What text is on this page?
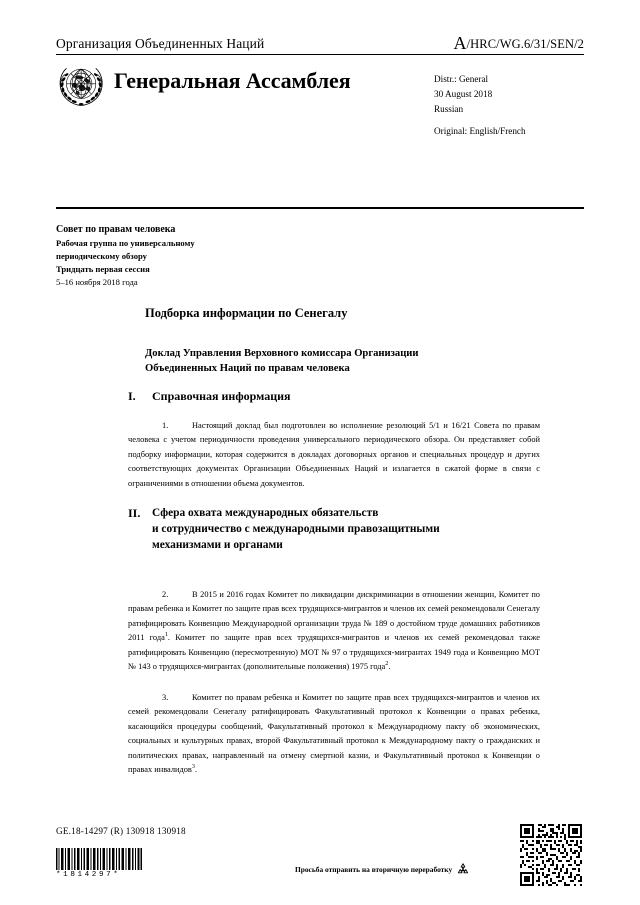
Организация Объединенных Наций	A/HRC/WG.6/31/SEN/2
Генеральная Ассамблея	Distr.: General
30 August 2018
Russian
Original: English/French
Совет по правам человека
Рабочая группа по универсальному
периодическому обзору
Тридцать первая сессия
5–16 ноября 2018 года
Подборка информации по Сенегалу
Доклад Управления Верховного комиссара Организации
Объединенных Наций по правам человека
I.	Справочная информация
1.	Настоящий доклад был подготовлен во исполнение резолюций 5/1 и 16/21 Совета по правам человека с учетом периодичности проведения универсального периодического обзора. Он представляет собой подборку информации, которая содержится в докладах договорных органов и специальных процедур и других соответствующих документах Организации Объединенных Наций и излагается в сжатой форме в связи с ограничениями в отношении объема документов.
II.	Сфера охвата международных обязательств
и сотрудничество с международными правозащитными
механизмами и органами
2.	В 2015 и 2016 годах Комитет по ликвидации дискриминации в отношении женщин, Комитет по правам ребенка и Комитет по защите прав всех трудящихся-мигрантов и членов их семей рекомендовали Сенегалу ратифицировать Конвенцию Международной организации труда № 189 о достойном труде домашних работников 2011 года$^1$. Комитет по защите прав всех трудящихся-мигрантов и членов их семей рекомендовал также ратифицировать Конвенцию (пересмотренную) МОТ № 97 о трудящихся-мигрантах 1949 года и Конвенцию МОТ № 143 о трудящихся-мигрантах (дополнительные положения) 1975 года$^2$.
3.	Комитет по правам ребенка и Комитет по защите прав всех трудящихся-мигрантов и членов их семей рекомендовали Сенегалу ратифицировать Факультативный протокол к Конвенции о правах ребенка, касающийся процедуры сообщений, Факультативный протокол к Международному пакту об экономических, социальных и культурных правах, второй Факультативный протокол к Международному пакту о гражданских и политических правах, направленный на отмену смертной казни, и Факультативный протокол к Конвенции о правах инвалидов$^3$.
GE.18-14297 (R) 130918 130918
*1814297*
Просьба отправить на вторичную переработку
